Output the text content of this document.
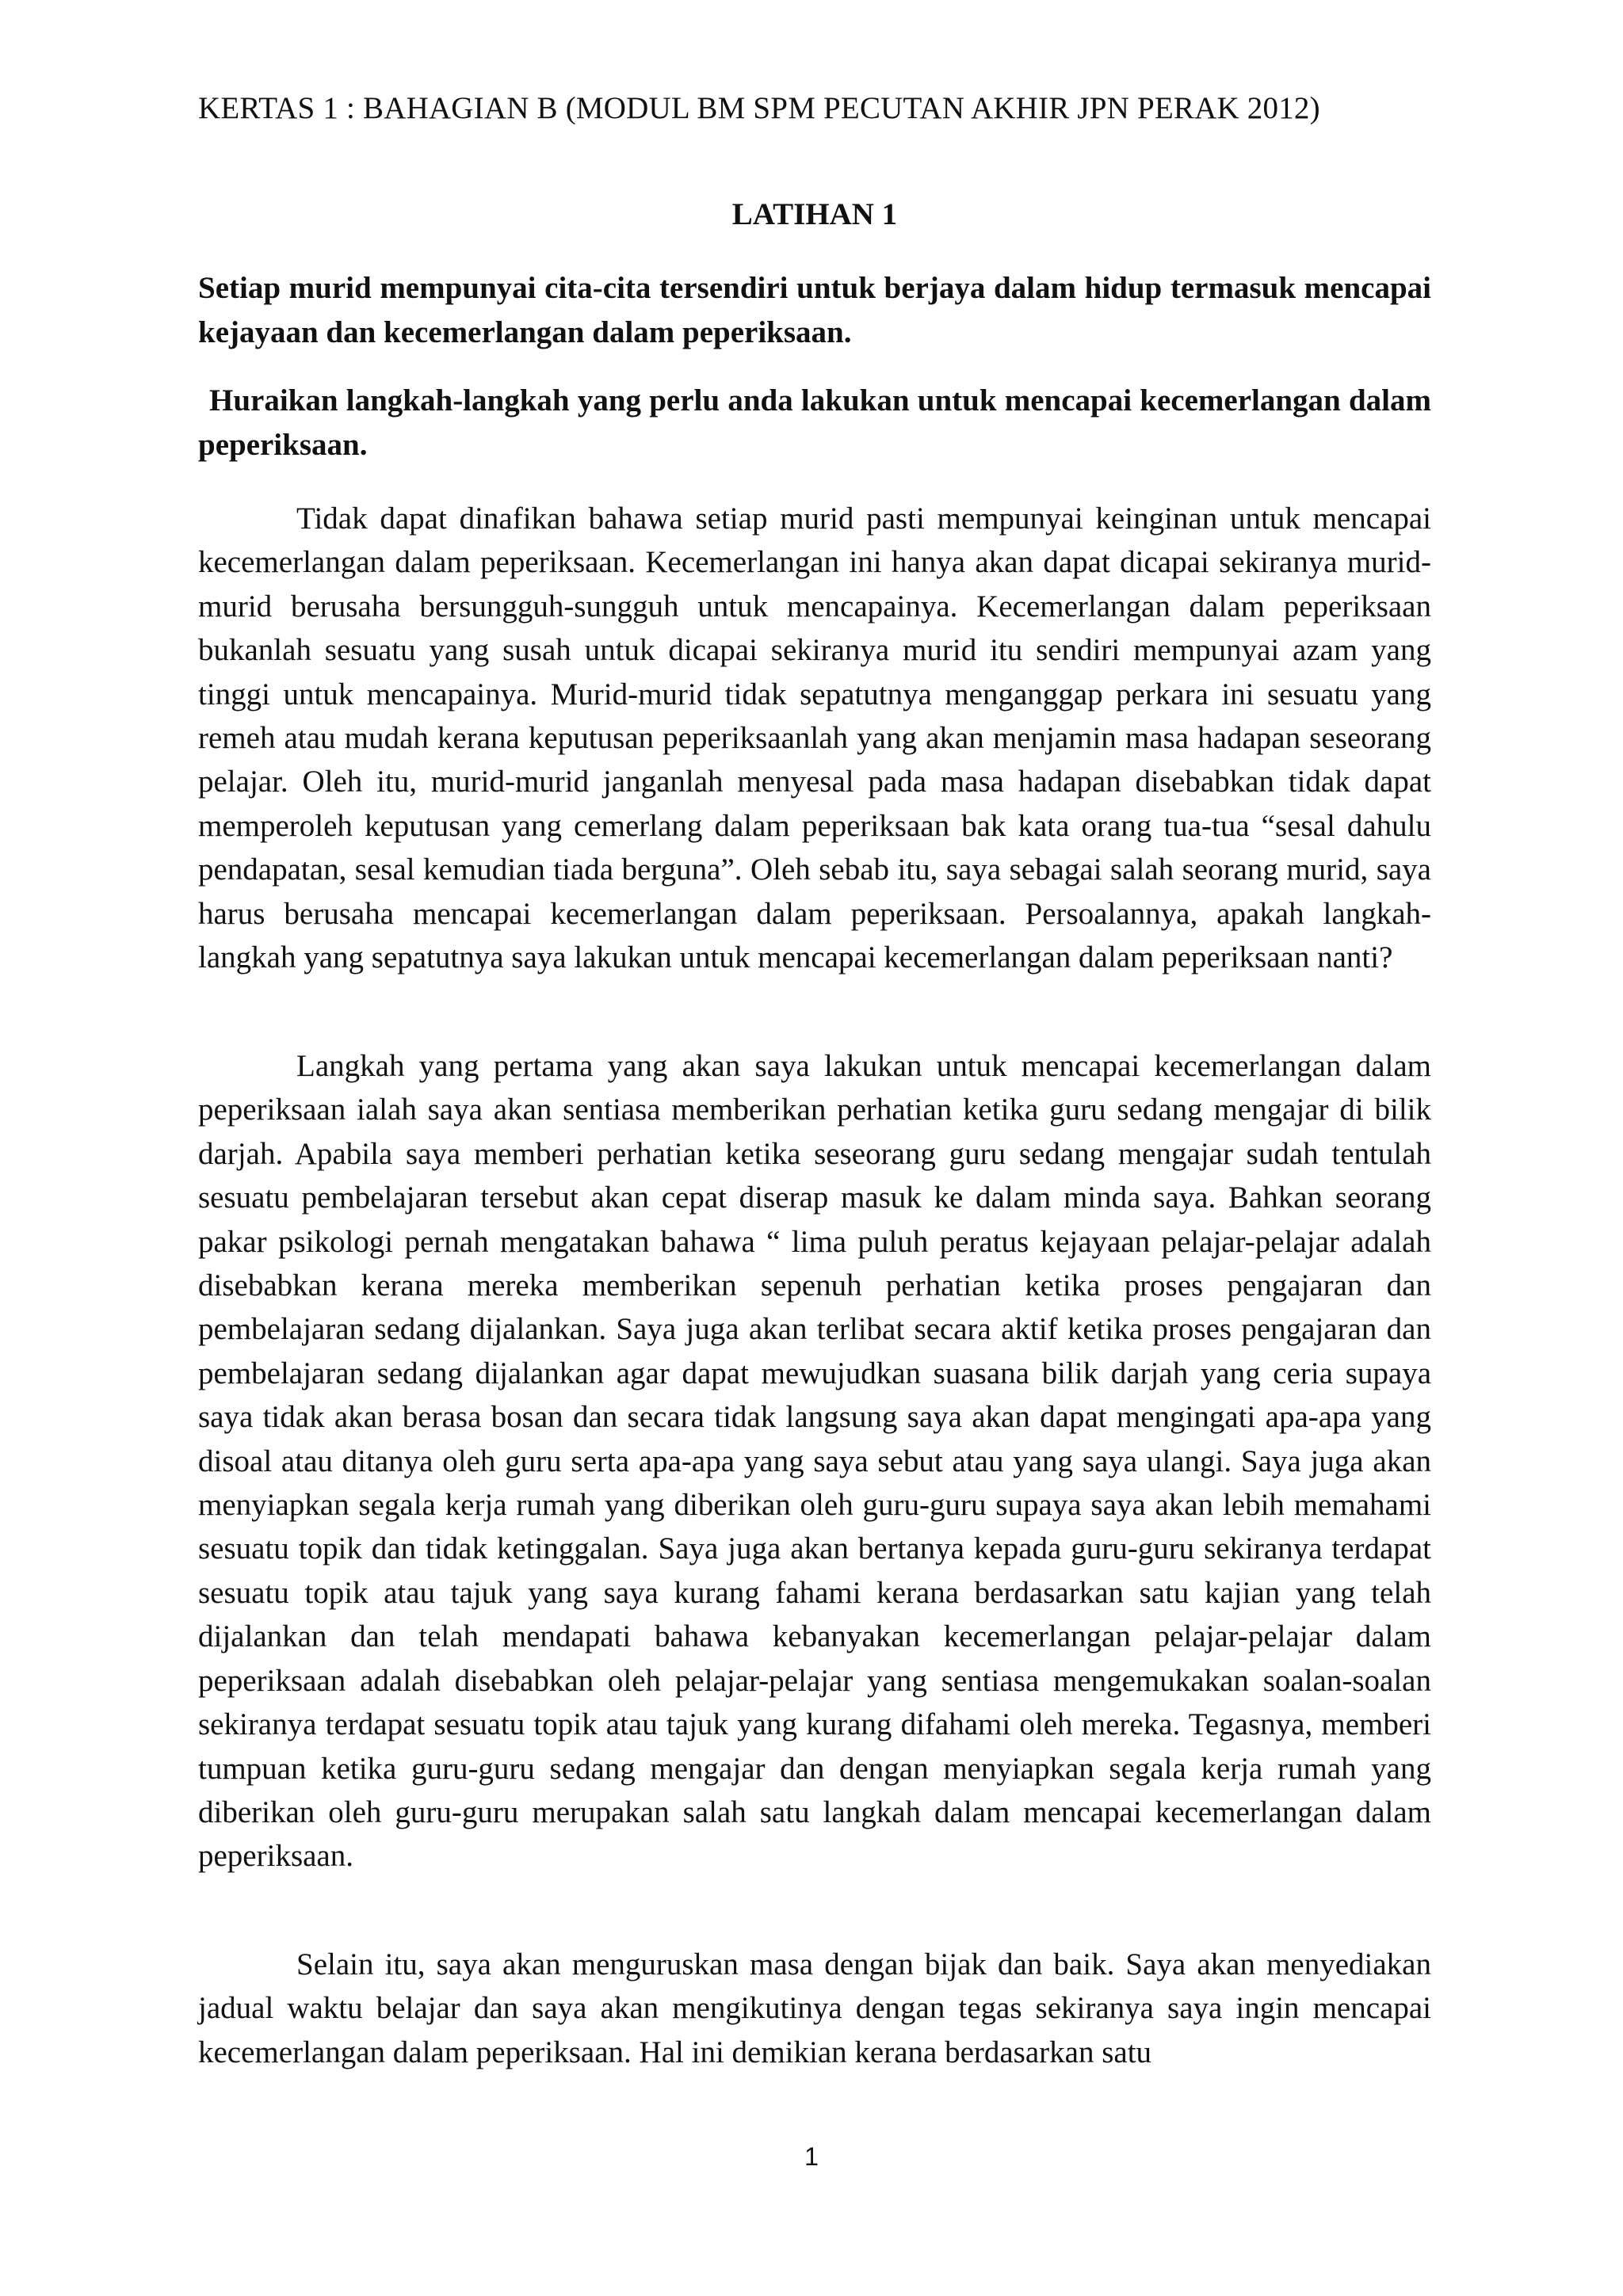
KERTAS 1 : BAHAGIAN B (MODUL BM SPM PECUTAN AKHIR JPN PERAK 2012)
LATIHAN 1
Setiap murid mempunyai cita-cita tersendiri untuk berjaya dalam hidup termasuk mencapai kejayaan dan kecemerlangan dalam peperiksaan.
Huraikan langkah-langkah yang perlu anda lakukan untuk mencapai kecemerlangan dalam peperiksaan.
Tidak dapat dinafikan bahawa setiap murid pasti mempunyai keinginan untuk mencapai kecemerlangan dalam peperiksaan. Kecemerlangan ini hanya akan dapat dicapai sekiranya murid-murid berusaha bersungguh-sungguh untuk mencapainya. Kecemerlangan dalam peperiksaan bukanlah sesuatu yang susah untuk dicapai sekiranya murid itu sendiri mempunyai azam yang tinggi untuk mencapainya. Murid-murid tidak sepatutnya menganggap perkara ini sesuatu yang remeh atau mudah kerana keputusan peperiksaanlah yang akan menjamin masa hadapan seseorang pelajar. Oleh itu, murid-murid janganlah menyesal pada masa hadapan disebabkan tidak dapat memperoleh keputusan yang cemerlang dalam peperiksaan bak kata orang tua-tua “sesal dahulu pendapatan, sesal kemudian tiada berguna”. Oleh sebab itu, saya sebagai salah seorang murid, saya harus berusaha mencapai kecemerlangan dalam peperiksaan. Persoalannya, apakah langkah-langkah yang sepatutnya saya lakukan untuk mencapai kecemerlangan dalam peperiksaan nanti?
Langkah yang pertama yang akan saya lakukan untuk mencapai kecemerlangan dalam peperiksaan ialah saya akan sentiasa memberikan perhatian ketika guru sedang mengajar di bilik darjah. Apabila saya memberi perhatian ketika seseorang guru sedang mengajar sudah tentulah sesuatu pembelajaran tersebut akan cepat diserap masuk ke dalam minda saya. Bahkan seorang pakar psikologi pernah mengatakan bahawa “ lima puluh peratus kejayaan pelajar-pelajar adalah disebabkan kerana mereka memberikan sepenuh perhatian ketika proses pengajaran dan pembelajaran sedang dijalankan. Saya juga akan terlibat secara aktif ketika proses pengajaran dan pembelajaran sedang dijalankan agar dapat mewujudkan suasana bilik darjah yang ceria supaya saya tidak akan berasa bosan dan secara tidak langsung saya akan dapat mengingati apa-apa yang disoal atau ditanya oleh guru serta apa-apa yang saya sebut atau yang saya ulangi. Saya juga akan menyiapkan segala kerja rumah yang diberikan oleh guru-guru supaya saya akan lebih memahami sesuatu topik dan tidak ketinggalan. Saya juga akan bertanya kepada guru-guru sekiranya terdapat sesuatu topik atau tajuk yang saya kurang fahami kerana berdasarkan satu kajian yang telah dijalankan dan telah mendapati bahawa kebanyakan kecemerlangan pelajar-pelajar dalam peperiksaan adalah disebabkan oleh pelajar-pelajar yang sentiasa mengemukakan soalan-soalan sekiranya terdapat sesuatu topik atau tajuk yang kurang difahami oleh mereka. Tegasnya, memberi tumpuan ketika guru-guru sedang mengajar dan dengan menyiapkan segala kerja rumah yang diberikan oleh guru-guru merupakan salah satu langkah dalam mencapai kecemerlangan dalam peperiksaan.
Selain itu, saya akan menguruskan masa dengan bijak dan baik. Saya akan menyediakan jadual waktu belajar dan saya akan mengikutinya dengan tegas sekiranya saya ingin mencapai kecemerlangan dalam peperiksaan. Hal ini demikian kerana berdasarkan satu
1
